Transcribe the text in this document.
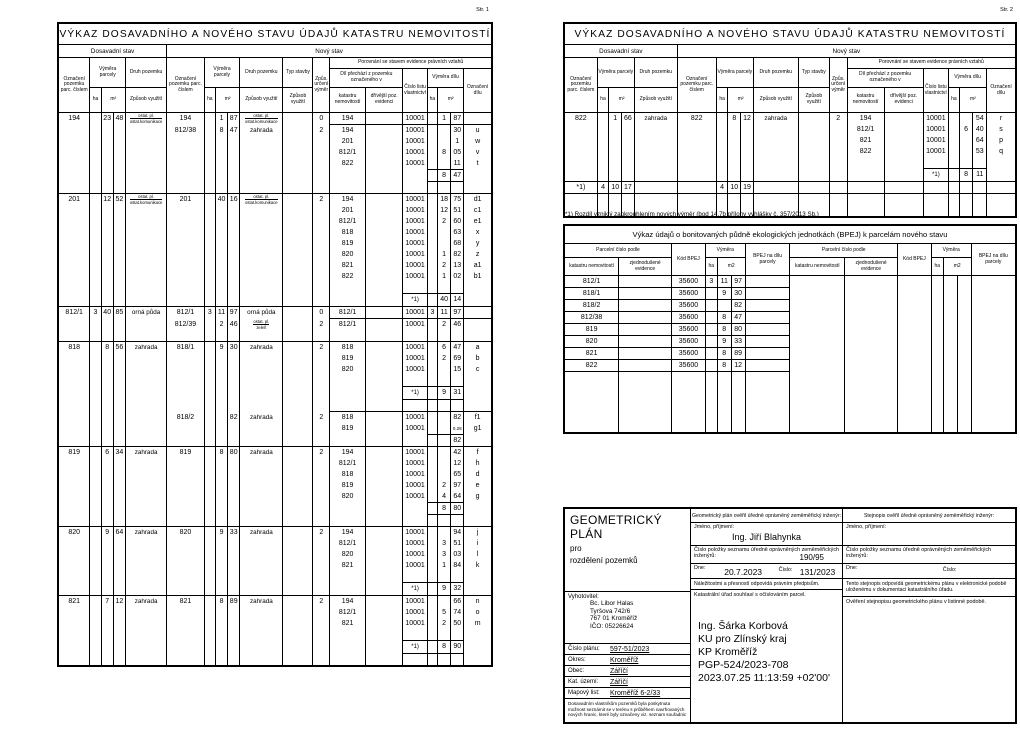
Str. 1
VÝKAZ DOSAVADNÍHO A NOVÉHO STAVU ÚDAJŮ KATASTRU NEMOVITOSTÍ																		
Dosavadní stav					Nový stav													
Označení pozemku parc. číslem	Výměra parcely			Druh pozemku	Označení pozemku parc. číslem	Výměra parcely			Druh pozemku	Typ stavby	Způs. určení výměr	Porovnání se stavem evidence právních vztahů						
												Díl přechází z pozemku označeného v		Číslo listu vlastnictví	Výměra dílu			Označení dílu
	ha	m²		Způsob využití		ha	m²		Způsob využití	Způsob využití		katastru nemovitostí	dřívější poz. evidenci		ha	m²		
194		23	48	$\frac{\text{ostat. pl.}}{\text{ostat.komunikace}}$	194		1	87	$\frac{\text{ostat. pl.}}{\text{ostat.komunikace}}$		0	194		10001		1	87	
					812/38		8	47	zahrada		2	194		10001			30	u
												201		10001			1	w
												812/1		10001		8	05	v
												822		10001			11	t
																8	47	

201		12	52	$\frac{\text{ostat. pl.}}{\text{ostat.komunikace}}$	201		40	16	$\frac{\text{ostat. pl.}}{\text{ostat.komunikace}}$		2	194		10001		18	75	d1
												201		10001		12	51	c1
												812/1		10001		2	60	e1
												818		10001			63	x
												819		10001			68	y
												820		10001		1	82	z
												821		10001		2	13	a1
												822		10001		1	02	b1

														*1)		40	14	
812/1	3	40	85	orná půda	812/1	3	11	97	orná půda		0	812/1		10001	3	11	97	
					812/39		2	46	$\frac{\text{ostat. pl.}}{\text{zeleň}}$		2	812/1		10001		2	46	

818		8	56	zahrada	818/1		9	30	zahrada		2	818		10001		6	47	a
												819		10001		2	69	b
												820		10001			15	c

														*1)		9	31	

					818/2			82	zahrada		2	818		10001			82	f1
												819		10001			0.28	g1
																	82	
819		6	34	zahrada	819		8	80	zahrada		2	194		10001			42	f
												812/1		10001			12	h
												818		10001			65	d
												819		10001		2	97	e
												820		10001		4	64	g
																8	80	

820		9	64	zahrada	820		9	33	zahrada		2	194		10001			94	j
												812/1		10001		3	51	i
												820		10001		3	03	l
												821		10001		1	84	k

														*1)		9	32	
821		7	12	zahrada	821		8	89	zahrada		2	194		10001			66	n
												812/1		10001		5	74	o
												821		10001		2	50	m

														*1)		8	90	

Str. 2
VÝKAZ DOSAVADNÍHO A NOVÉHO STAVU ÚDAJŮ KATASTRU NEMOVITOSTÍ																		
Dosavadní stav					Nový stav													
Označení pozemku parc. číslem	Výměra parcely			Druh pozemku	Označení pozemku parc. číslem	Výměra parcely			Druh pozemku	Typ stavby	Způs. určení výměr	Porovnání se stavem evidence právních vztahů						
												Díl přechází z pozemku označeného v		Číslo listu vlastnictví	Výměra dílu			Označení dílu
	ha	m²		Způsob využití		ha	m²		Způsob využití	Způsob využití		katastru nemovitostí	dřívější poz. evidenci		ha	m²		
822		1	66	zahrada	822		8	12	zahrada		2	194		10001			54	r
												812/1		10001		6	40	s
												821		10001			64	p
												822		10001			53	q

														*1)		8	11	
*1)	4	10	17			4	10	19										

*1) Rozdíl vzniklý zaokrouhlením nových výměr (bod 14.7b přílohy vyhlášky č. 357/2013 Sb.)
Výkaz údajů o bonitovaných půdně ekologických jednotkách (BPEJ) k parcelám nového stavu													
Parcelní číslo podle		Kód BPEJ	Výměra			BPEJ na dílu parcely	Parcelní číslo podle		Kód BPEJ	Výměra			BPEJ na dílu parcely
katastru nemovitostí	zjednodušené evidence		ha	m2			katastru nemovitostí	zjednodušené evidence		ha	m2		
812/1		35600	3	11	97								
818/1		35600		9	30								
818/2		35600			82								
812/38		35600		8	47								
819		35600		8	80								
820		35600		9	33								
821		35600		8	89								
822		35600		8	12								

GEOMETRICKÝ PLÁN
pro
rozdělení pozemků
Vyhotovitel:
Bc. Libor Halas
Tyršova 742/6
767 01 Kroměříž
IČO: 05226624
Číslo plánu:	597-51/2023
Okres:	Kroměříž
Obec:	Záříčí
Kat. území:	Záříčí
Mapový list:	Kroměříž 6-2/33
Dosavadním vlastníkům pozemků byla poskytnuta možnost seznámit se v terénu s průběhem navrhovaných nových hranic, které byly označeny viz. seznam souřadnic
Geometrický plán ověřil úředně oprávněný zeměměřický inženýr:
Jméno, příjmení:
Ing. Jiří Blahynka
Číslo položky seznamu úředně oprávněných zeměměřických inženýrů:	190/95
Dne: 20.7.2023	Číslo: 131/2023
Náležitostmi a přesností odpovídá právním předpisům.
Katastrální úřad souhlasí s očíslováním parcel.
Ing. Šárka Korbová
KU pro Zlínský kraj
KP Kroměříž
PGP-524/2023-708
2023.07.25 11:13:59 +02'00'
Stejnopis ověřil úředně oprávněný zeměměřický inženýr:
Jméno, příjmení:
Číslo položky seznamu úředně oprávněných zeměměřických inženýrů:
Dne:	Číslo:
Tento stejnopis odpovídá geometrickému plánu v elektronické podobě uloženému v dokumentaci katastrálního úřadu.
Ověření stejnopisu geometrického plánu v listinné podobě.
